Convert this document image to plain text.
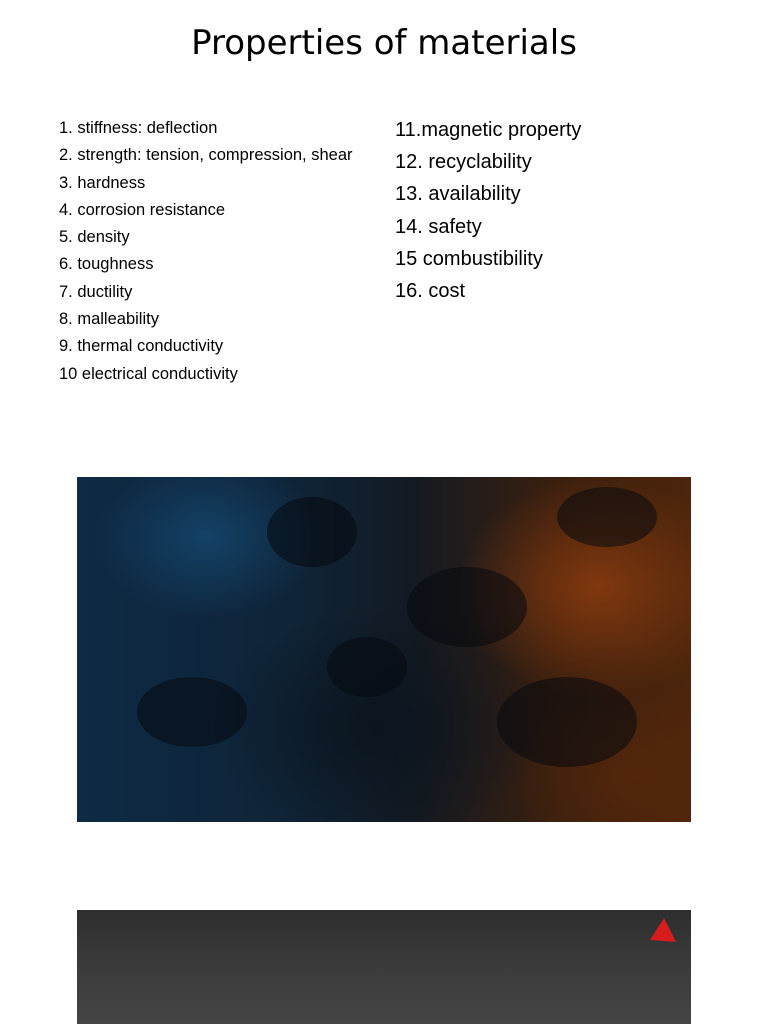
Properties of materials
1. stiffness: deflection
2. strength: tension, compression, shear
3. hardness
4. corrosion resistance
5. density
6. toughness
7. ductility
8. malleability
9. thermal conductivity
10 electrical conductivity
11.magnetic property
12. recyclability
13. availability
14. safety
15 combustibility
16. cost
